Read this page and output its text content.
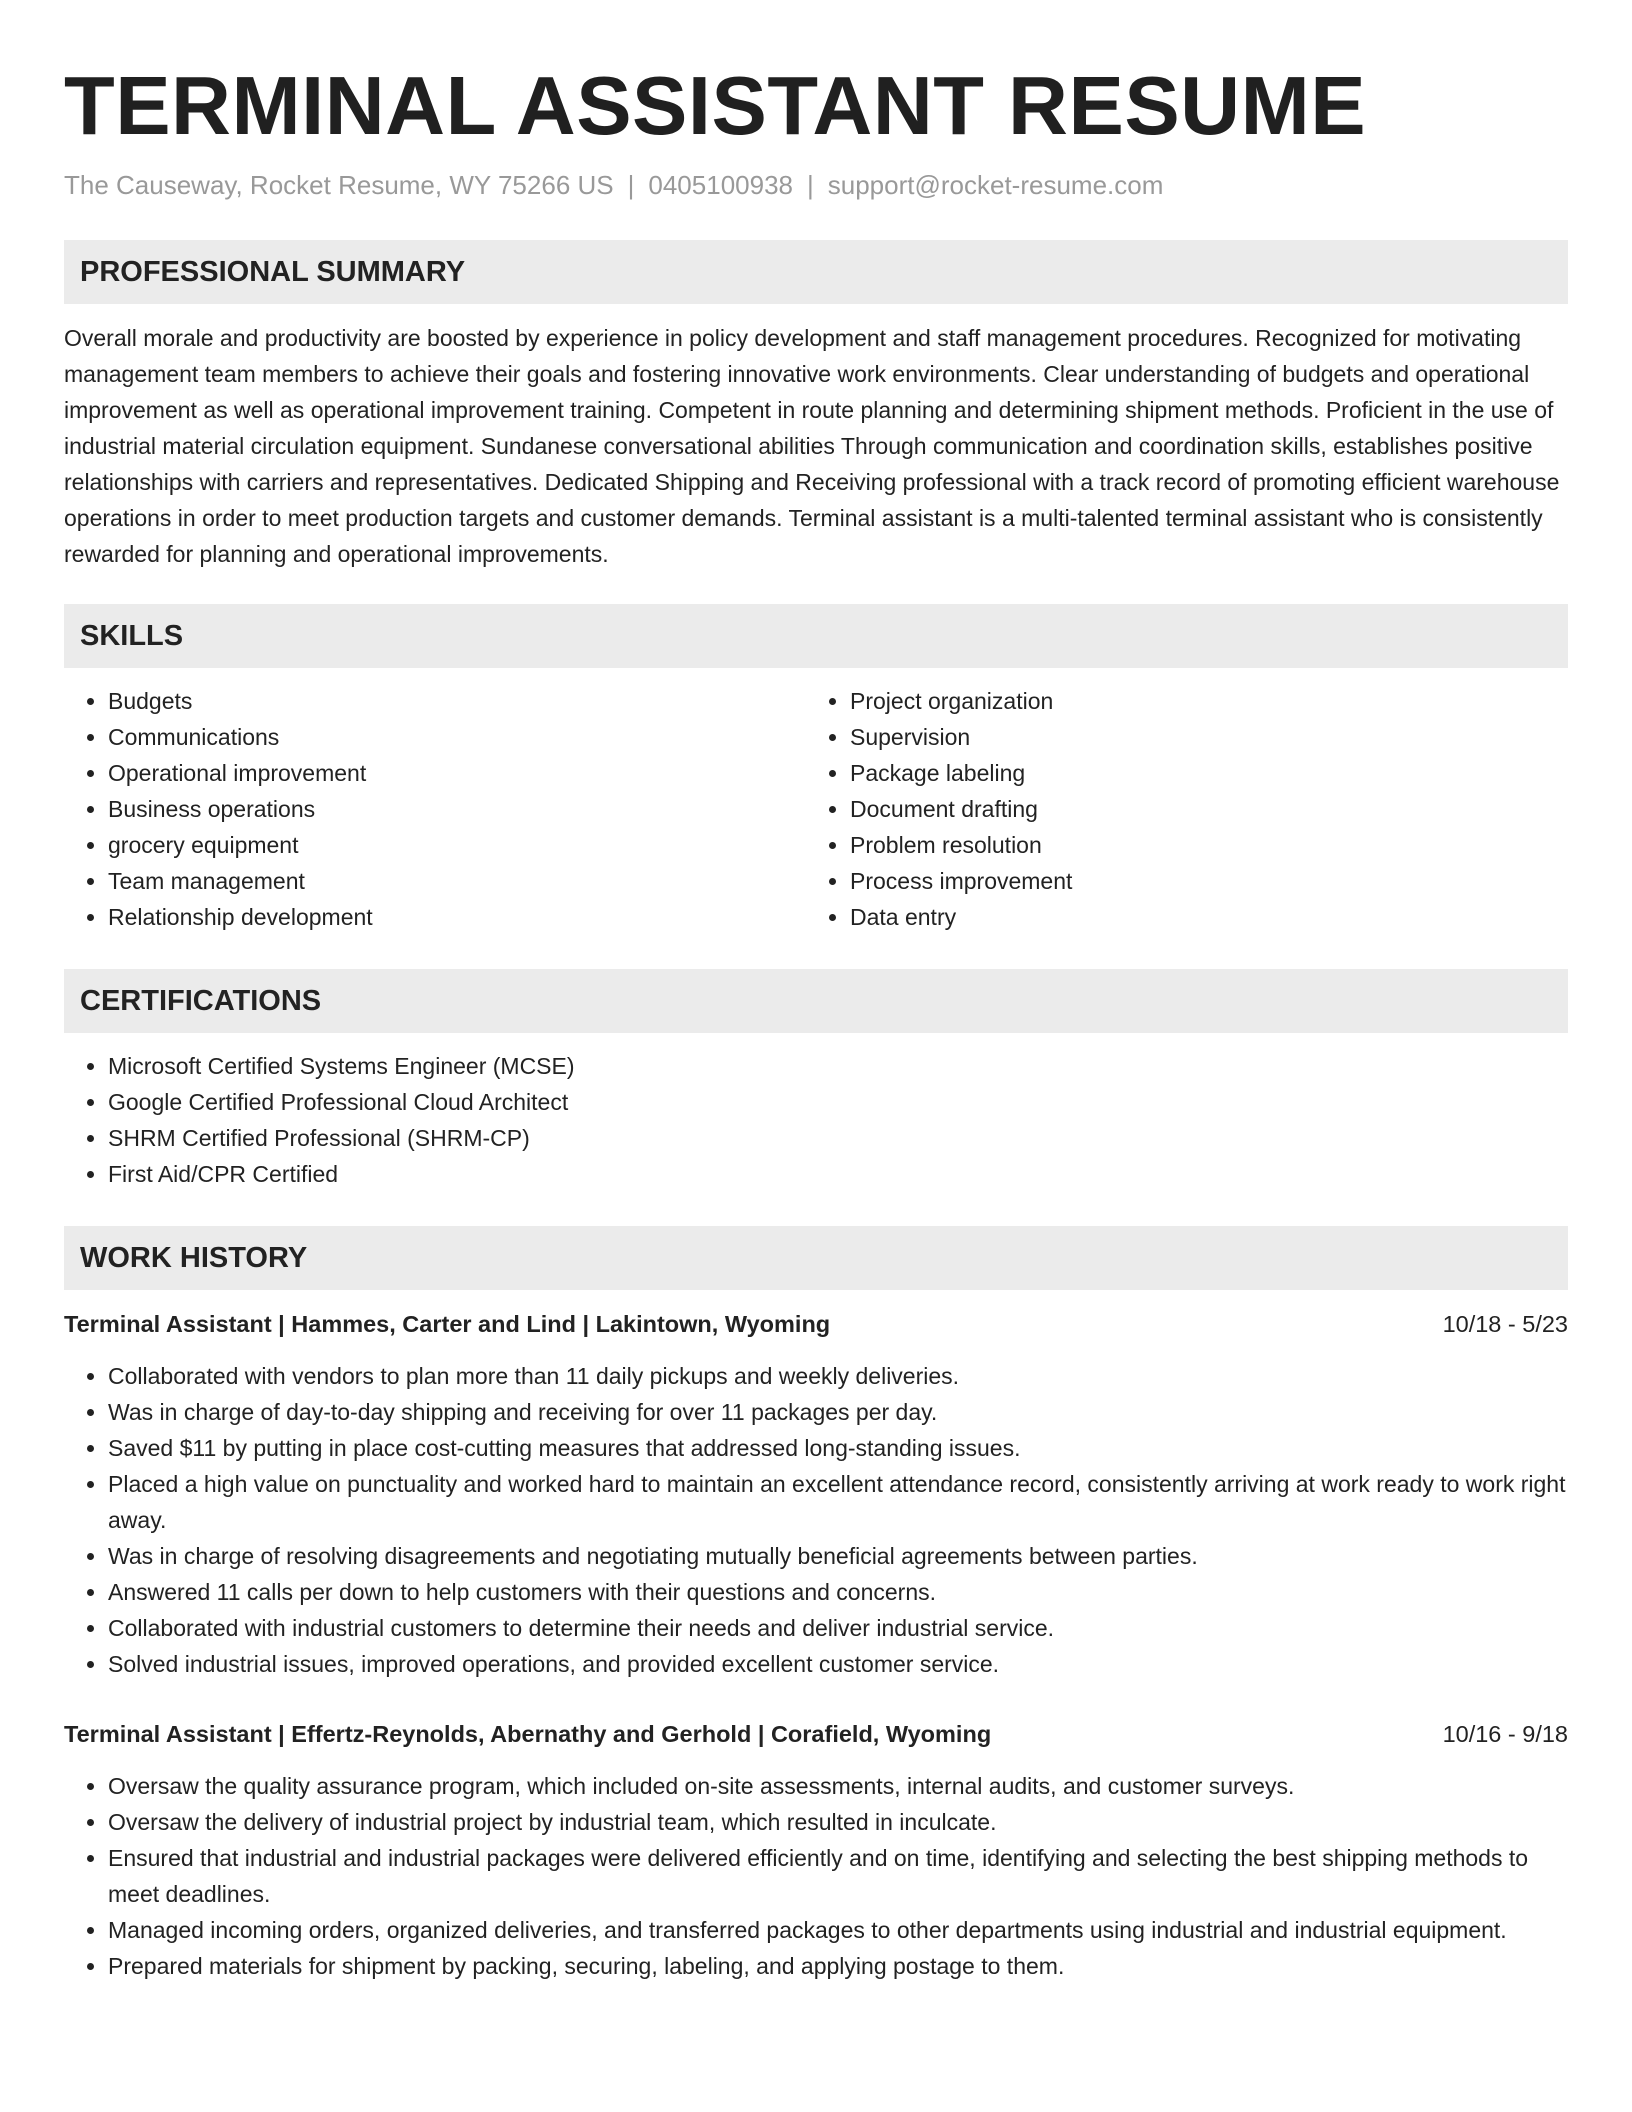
TERMINAL ASSISTANT RESUME
The Causeway, Rocket Resume, WY 75266 US | 0405100938 | support@rocket-resume.com
PROFESSIONAL SUMMARY

Overall morale and productivity are boosted by experience in policy development and staff management procedures. Recognized for motivating management team members to achieve their goals and fostering innovative work environments. Clear understanding of budgets and operational improvement as well as operational improvement training. Competent in route planning and determining shipment methods. Proficient in the use of industrial material circulation equipment. Sundanese conversational abilities Through communication and coordination skills, establishes positive relationships with carriers and representatives. Dedicated Shipping and Receiving professional with a track record of promoting efficient warehouse operations in order to meet production targets and customer demands. Terminal assistant is a multi-talented terminal assistant who is consistently rewarded for planning and operational improvements.

SKILLS
• Budgets
• Communications
• Operational improvement
• Business operations
• grocery equipment
• Team management
• Relationship development
• Project organization
• Supervision
• Package labeling
• Document drafting
• Problem resolution
• Process improvement
• Data entry
CERTIFICATIONS
• Microsoft Certified Systems Engineer (MCSE)
• Google Certified Professional Cloud Architect
• SHRM Certified Professional (SHRM-CP)
• First Aid/CPR Certified
WORK HISTORY
Terminal Assistant | Hammes, Carter and Lind | Lakintown, Wyoming	10/18 - 5/23
• Collaborated with vendors to plan more than 11 daily pickups and weekly deliveries.
• Was in charge of day-to-day shipping and receiving for over 11 packages per day.
• Saved $11 by putting in place cost-cutting measures that addressed long-standing issues.
• Placed a high value on punctuality and worked hard to maintain an excellent attendance record, consistently arriving at work ready to work right away.
• Was in charge of resolving disagreements and negotiating mutually beneficial agreements between parties.
• Answered 11 calls per down to help customers with their questions and concerns.
• Collaborated with industrial customers to determine their needs and deliver industrial service.
• Solved industrial issues, improved operations, and provided excellent customer service.
Terminal Assistant | Effertz-Reynolds, Abernathy and Gerhold | Corafield, Wyoming	10/16 - 9/18
• Oversaw the quality assurance program, which included on-site assessments, internal audits, and customer surveys.
• Oversaw the delivery of industrial project by industrial team, which resulted in inculcate.
• Ensured that industrial and industrial packages were delivered efficiently and on time, identifying and selecting the best shipping methods to meet deadlines.
• Managed incoming orders, organized deliveries, and transferred packages to other departments using industrial and industrial equipment.
• Prepared materials for shipment by packing, securing, labeling, and applying postage to them.
